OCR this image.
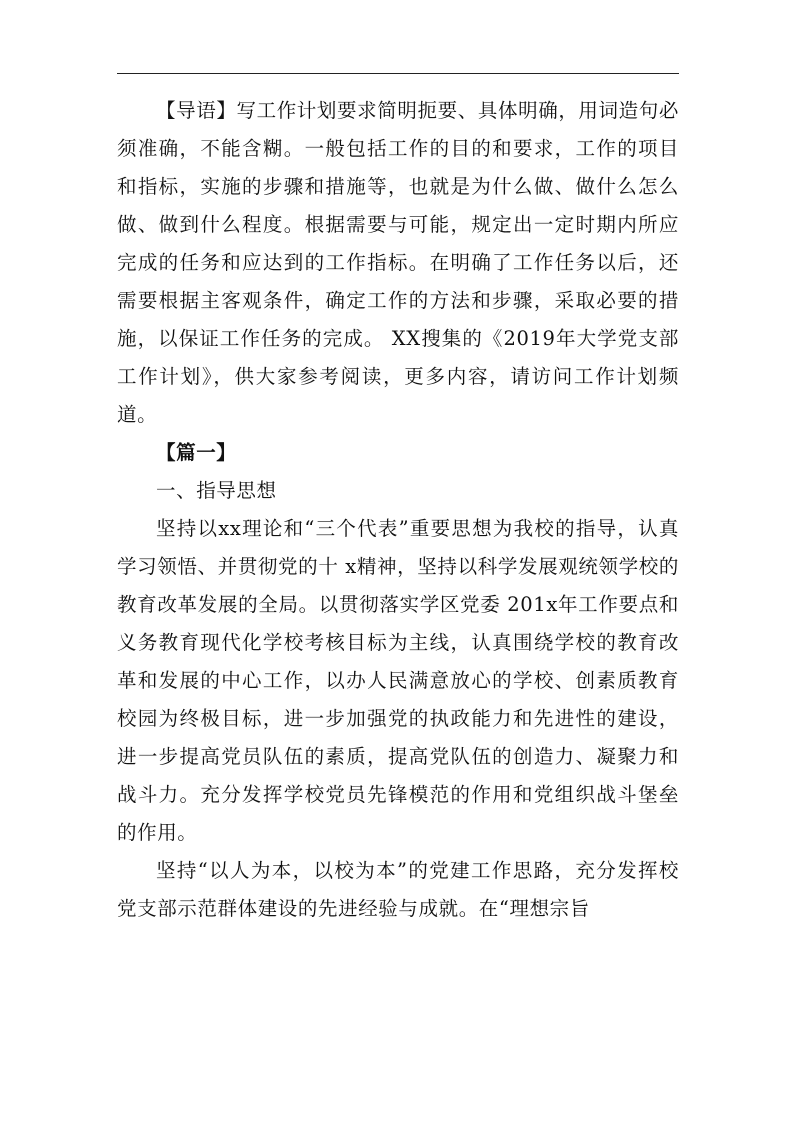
【导语】写工作计划要求简明扼要、具体明确，用词造句必须准确，不能含糊。一般包括工作的目的和要求，工作的项目和指标，实施的步骤和措施等，也就是为什么做、做什么怎么做、做到什么程度。根据需要与可能，规定出一定时期内所应完成的任务和应达到的工作指标。在明确了工作任务以后，还需要根据主客观条件，确定工作的方法和步骤，采取必要的措施，以保证工作任务的完成。 XX搜集的《2019年大学党支部工作计划》，供大家参考阅读，更多内容，请访问工作计划频道。

【篇一】

一、指导思想

坚持以xx理论和“三个代表”重要思想为我校的指导，认真学习领悟、并贯彻党的十 x精神，坚持以科学发展观统领学校的教育改革发展的全局。以贯彻落实学区党委 201x年工作要点和义务教育现代化学校考核目标为主线，认真围绕学校的教育改革和发展的中心工作，以办人民满意放心的学校、创素质教育校园为终极目标，进一步加强党的执政能力和先进性的建设，进一步提高党员队伍的素质，提高党队伍的创造力、凝聚力和战斗力。充分发挥学校党员先锋模范的作用和党组织战斗堡垒的作用。

坚持“以人为本，以校为本”的党建工作思路，充分发挥校党支部示范群体建设的先进经验与成就。在“理想宗旨
